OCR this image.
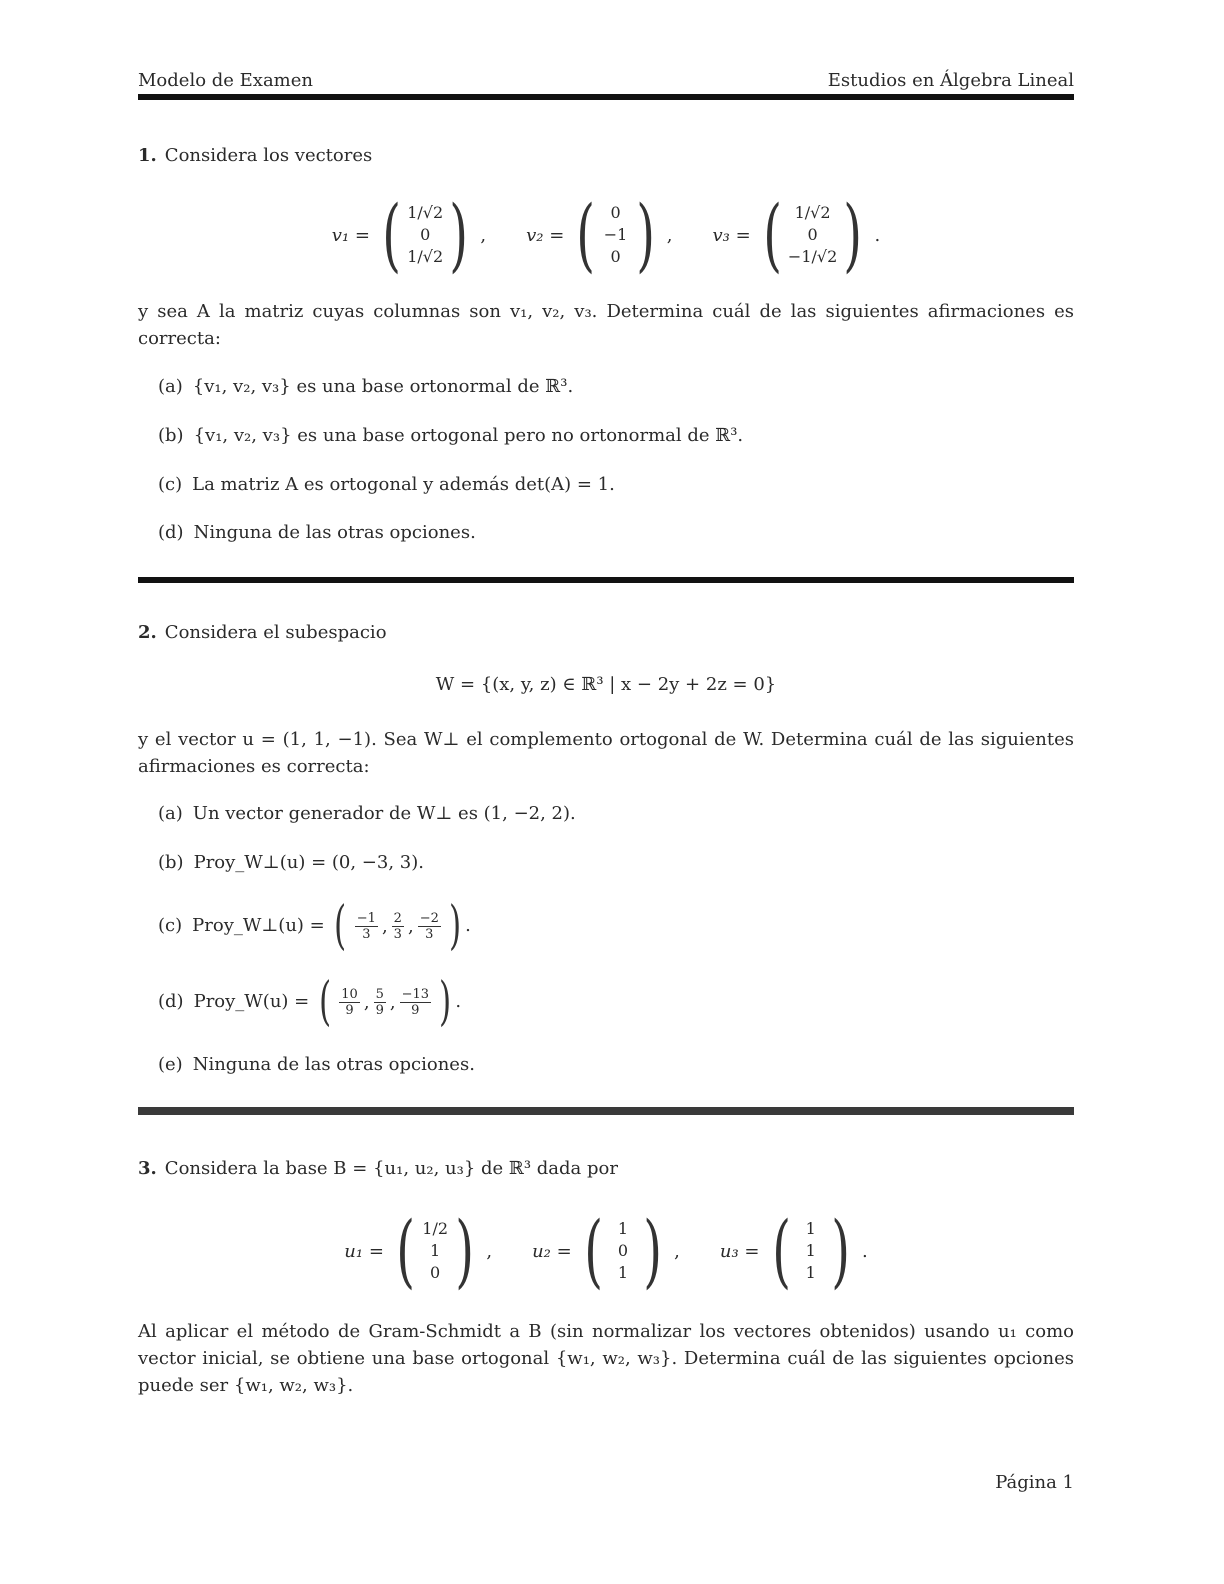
Modelo de Examen	Estudios en Álgebra Lineal
1. Considera los vectores
v₁ = ( 1/√2
0
1/√2 ) , v₂ = ( 0
−1
0 ) , v₃ = ( 1/√2
0
−1/√2 ) .
y sea A la matriz cuyas columnas son v₁, v₂, v₃. Determina cuál de las siguientes afirmaciones es correcta:
(a) {v₁, v₂, v₃} es una base ortonormal de ℝ³.
(b) {v₁, v₂, v₃} es una base ortogonal pero no ortonormal de ℝ³.
(c) La matriz A es ortogonal y además det(A) = 1.
(d) Ninguna de las otras opciones.
2. Considera el subespacio
W = {(x, y, z) ∈ ℝ³ | x − 2y + 2z = 0}
y el vector u = (1, 1, −1). Sea W⊥ el complemento ortogonal de W. Determina cuál de las siguientes afirmaciones es correcta:
(a) Un vector generador de W⊥ es (1, −2, 2).
(b) Proy_W⊥(u) = (0, −3, 3).
(c) Proy_W⊥(u) = ( $\frac{-1}{3}$ , $\frac{2}{3}$ , $\frac{-2}{3}$ ) .
(d) Proy_W(u) = ( $\frac{10}{9}$ , $\frac{5}{9}$ , $\frac{-13}{9}$ ) .
(e) Ninguna de las otras opciones.
3. Considera la base B = {u₁, u₂, u₃} de ℝ³ dada por
u₁ = ( 1/2
1
0 ) , u₂ = ( 1
0
1 ) , u₃ = ( 1
1
1 ) .
Al aplicar el método de Gram-Schmidt a B (sin normalizar los vectores obtenidos) usando u₁ como vector inicial, se obtiene una base ortogonal {w₁, w₂, w₃}. Determina cuál de las siguientes opciones puede ser {w₁, w₂, w₃}.
Página 1
